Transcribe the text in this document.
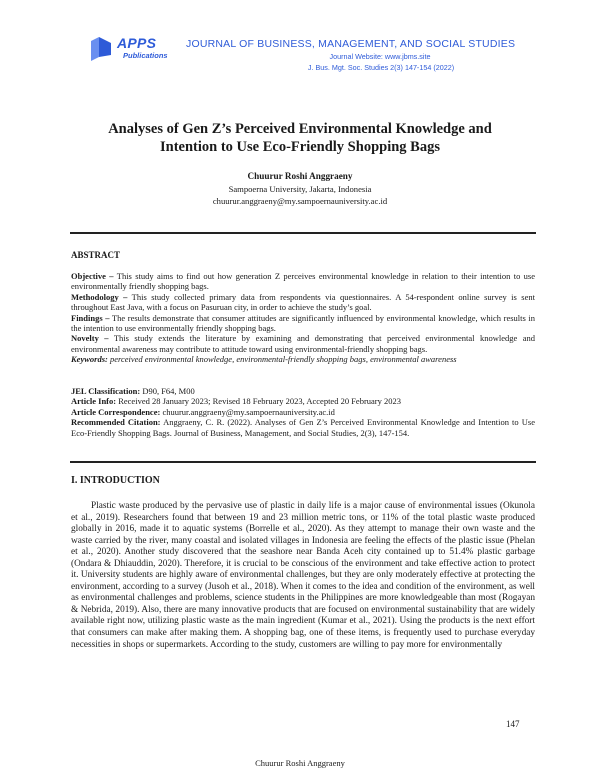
APPS
Publications
JOURNAL OF BUSINESS, MANAGEMENT, AND SOCIAL STUDIES
Journal Website: www.jbms.site
J. Bus. Mgt. Soc. Studies 2(3) 147-154 (2022)
Analyses of Gen Z’s Perceived Environmental Knowledge and
Intention to Use Eco-Friendly Shopping Bags
Chuurur Roshi Anggraeny
Sampoerna University, Jakarta, Indonesia
chuurur.anggraeny@my.sampoernauniversity.ac.id
ABSTRACT

Objective – This study aims to find out how generation Z perceives environmental knowledge in relation to their intention to use environmentally friendly shopping bags.

Methodology – This study collected primary data from respondents via questionnaires. A 54-respondent online survey is sent throughout East Java, with a focus on Pasuruan city, in order to achieve the study’s goal.

Findings – The results demonstrate that consumer attitudes are significantly influenced by environmental knowledge, which results in the intention to use environmentally friendly shopping bags.

Novelty – This study extends the literature by examining and demonstrating that perceived environmental knowledge and environmental awareness may contribute to attitude toward using environmental-friendly shopping bags.

Keywords: perceived environmental knowledge, environmental-friendly shopping bags, environmental awareness

JEL Classification: D90, F64, M00

Article Info: Received 28 January 2023; Revised 18 February 2023, Accepted 20 February 2023

Article Correspondence: chuurur.anggraeny@my.sampoernauniversity.ac.id

Recommended Citation: Anggraeny, C. R. (2022). Analyses of Gen Z’s Perceived Environmental Knowledge and Intention to Use Eco-Friendly Shopping Bags. Journal of Business, Management, and Social Studies, 2(3), 147-154.

I. INTRODUCTION

Plastic waste produced by the pervasive use of plastic in daily life is a major cause of environmental issues (Okunola et al., 2019). Researchers found that between 19 and 23 million metric tons, or 11% of the total plastic waste produced globally in 2016, made it to aquatic systems (Borrelle et al., 2020). As they attempt to manage their own waste and the waste carried by the river, many coastal and isolated villages in Indonesia are feeling the effects of the plastic issue (Phelan et al., 2020). Another study discovered that the seashore near Banda Aceh city contained up to 51.4% plastic garbage (Ondara & Dhiauddin, 2020). Therefore, it is crucial to be conscious of the environment and take effective action to protect it. University students are highly aware of environmental challenges, but they are only moderately effective at protecting the environment, according to a survey (Jusoh et al., 2018). When it comes to the idea and condition of the environment, as well as environmental challenges and problems, science students in the Philippines are more knowledgeable than most (Rogayan & Nebrida, 2019). Also, there are many innovative products that are focused on environmental sustainability that are widely available right now, utilizing plastic waste as the main ingredient (Kumar et al., 2021). Using the products is the next effort that consumers can make after making them. A shopping bag, one of these items, is frequently used to purchase everyday necessities in shops or supermarkets. According to the study, customers are willing to pay more for environmentally

147
Chuurur Roshi Anggraeny
